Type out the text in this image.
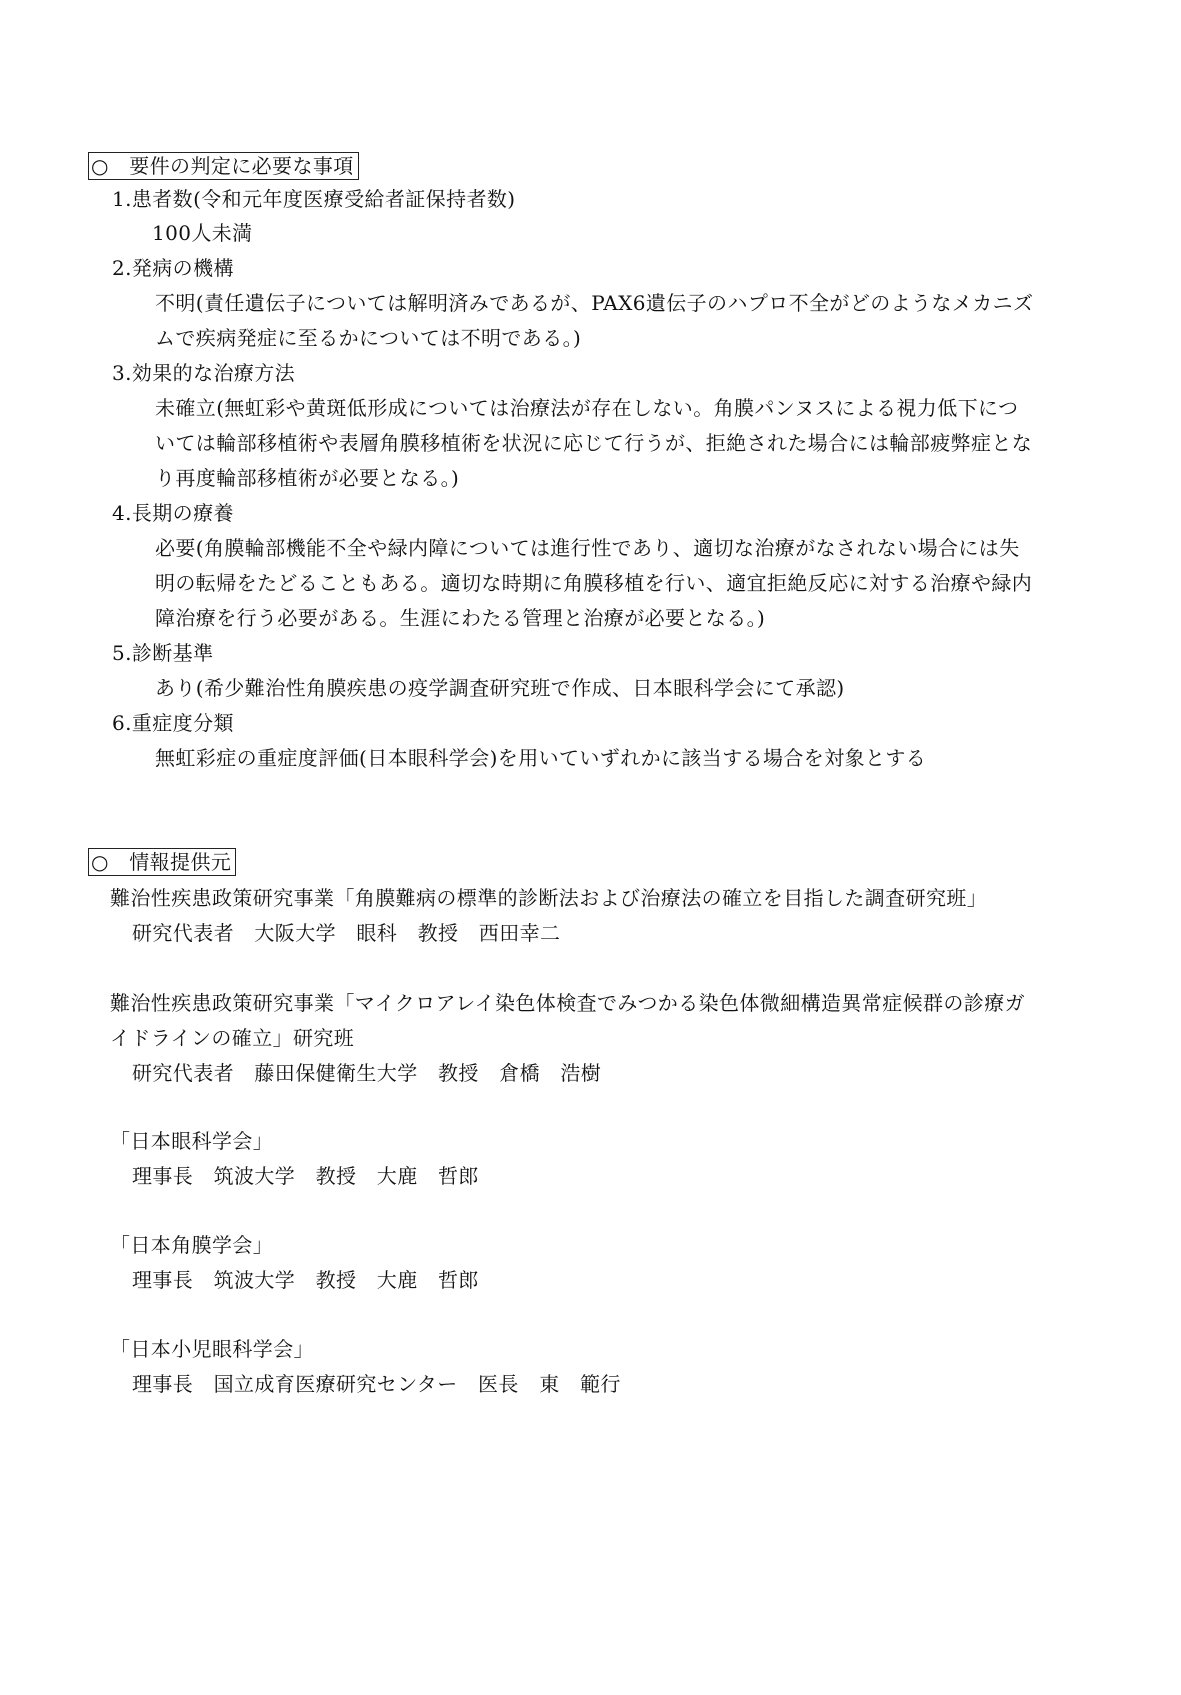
○　要件の判定に必要な事項
1.患者数(令和元年度医療受給者証保持者数)
100人未満
2.発病の機構
不明(責任遺伝子については解明済みであるが、PAX6遺伝子のハプロ不全がどのようなメカニズ
ムで疾病発症に至るかについては不明である。)
3.効果的な治療方法
未確立(無虹彩や黄斑低形成については治療法が存在しない。角膜パンヌスによる視力低下につ
いては輪部移植術や表層角膜移植術を状況に応じて行うが、拒絶された場合には輪部疲弊症とな
り再度輪部移植術が必要となる。)
4.長期の療養
必要(角膜輪部機能不全や緑内障については進行性であり、適切な治療がなされない場合には失
明の転帰をたどることもある。適切な時期に角膜移植を行い、適宜拒絶反応に対する治療や緑内
障治療を行う必要がある。生涯にわたる管理と治療が必要となる。)
5.診断基準
あり(希少難治性角膜疾患の疫学調査研究班で作成、日本眼科学会にて承認)
6.重症度分類
無虹彩症の重症度評価(日本眼科学会)を用いていずれかに該当する場合を対象とする
○　情報提供元
難治性疾患政策研究事業「角膜難病の標準的診断法および治療法の確立を目指した調査研究班」
研究代表者　大阪大学　眼科　教授　西田幸二
難治性疾患政策研究事業「マイクロアレイ染色体検査でみつかる染色体微細構造異常症候群の診療ガ
イドラインの確立」研究班
研究代表者　藤田保健衛生大学　教授　倉橋　浩樹
「日本眼科学会」
理事長　筑波大学　教授　大鹿　哲郎
「日本角膜学会」
理事長　筑波大学　教授　大鹿　哲郎
「日本小児眼科学会」
理事長　国立成育医療研究センター　医長　東　範行
